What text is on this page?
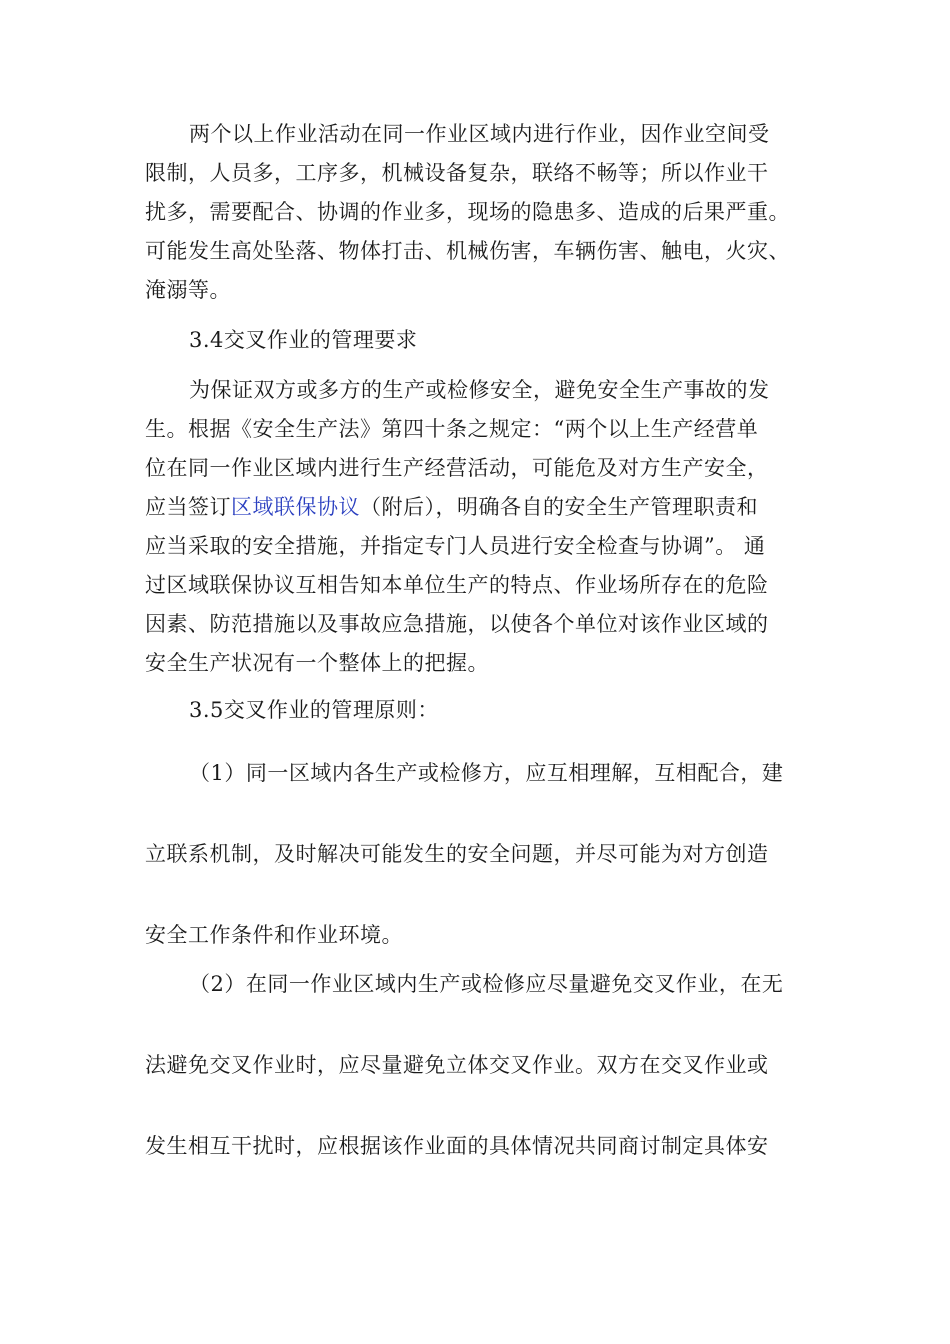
两个以上作业活动在同一作业区域内进行作业，因作业空间受
限制，人员多，工序多，机械设备复杂，联络不畅等；所以作业干
扰多，需要配合、协调的作业多，现场的隐患多、造成的后果严重。
可能发生高处坠落、物体打击、机械伤害，车辆伤害、触电，火灾、
淹溺等。
3.4交叉作业的管理要求
为保证双方或多方的生产或检修安全，避免安全生产事故的发
生。根据《安全生产法》第四十条之规定：“两个以上生产经营单
位在同一作业区域内进行生产经营活动，可能危及对方生产安全，
应当签订区域联保协议（附后），明确各自的安全生产管理职责和
应当采取的安全措施，并指定专门人员进行安全检查与协调”。 通
过区域联保协议互相告知本单位生产的特点、作业场所存在的危险
因素、防范措施以及事故应急措施，以使各个单位对该作业区域的
安全生产状况有一个整体上的把握。
3.5交叉作业的管理原则：
（1）同一区域内各生产或检修方，应互相理解，互相配合，建
立联系机制，及时解决可能发生的安全问题，并尽可能为对方创造
安全工作条件和作业环境。
（2）在同一作业区域内生产或检修应尽量避免交叉作业，在无
法避免交叉作业时，应尽量避免立体交叉作业。双方在交叉作业或
发生相互干扰时，应根据该作业面的具体情况共同商讨制定具体安
